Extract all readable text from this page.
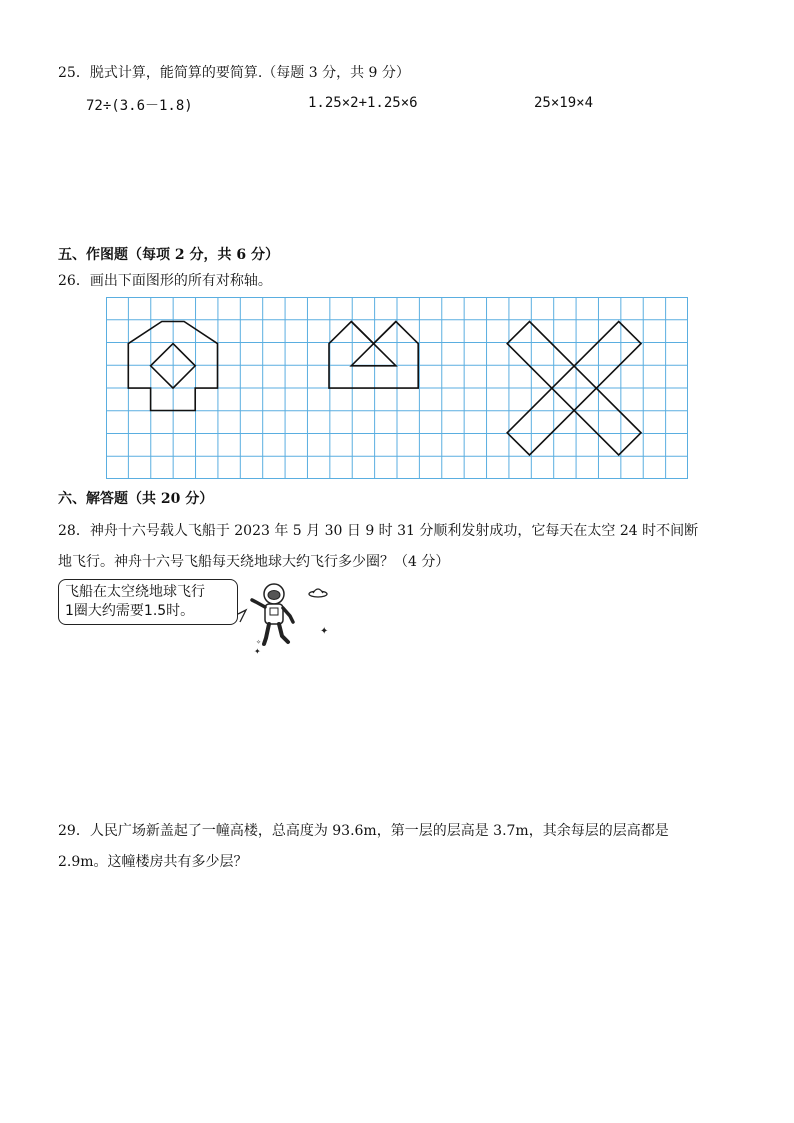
25．脱式计算，能简算的要简算.（每题 3 分，共 9 分）
72÷(3.6－1.8)	1.25×2+1.25×6	25×19×4
五、作图题（每项 2 分，共 6 分）
26．画出下面图形的所有对称轴。
六、解答题（共 20 分）
28．神舟十六号载人飞船于 2023 年 5 月 30 日 9 时 31 分顺利发射成功，它每天在太空 24 时不间断
地飞行。神舟十六号飞船每天绕地球大约飞行多少圈？（4 分）
飞船在太空绕地球飞行
1圈大约需要1.5时。
✦
✦
✧
29．人民广场新盖起了一幢高楼，总高度为 93.6m，第一层的层高是 3.7m，其余每层的层高都是
2.9m。这幢楼房共有多少层？
